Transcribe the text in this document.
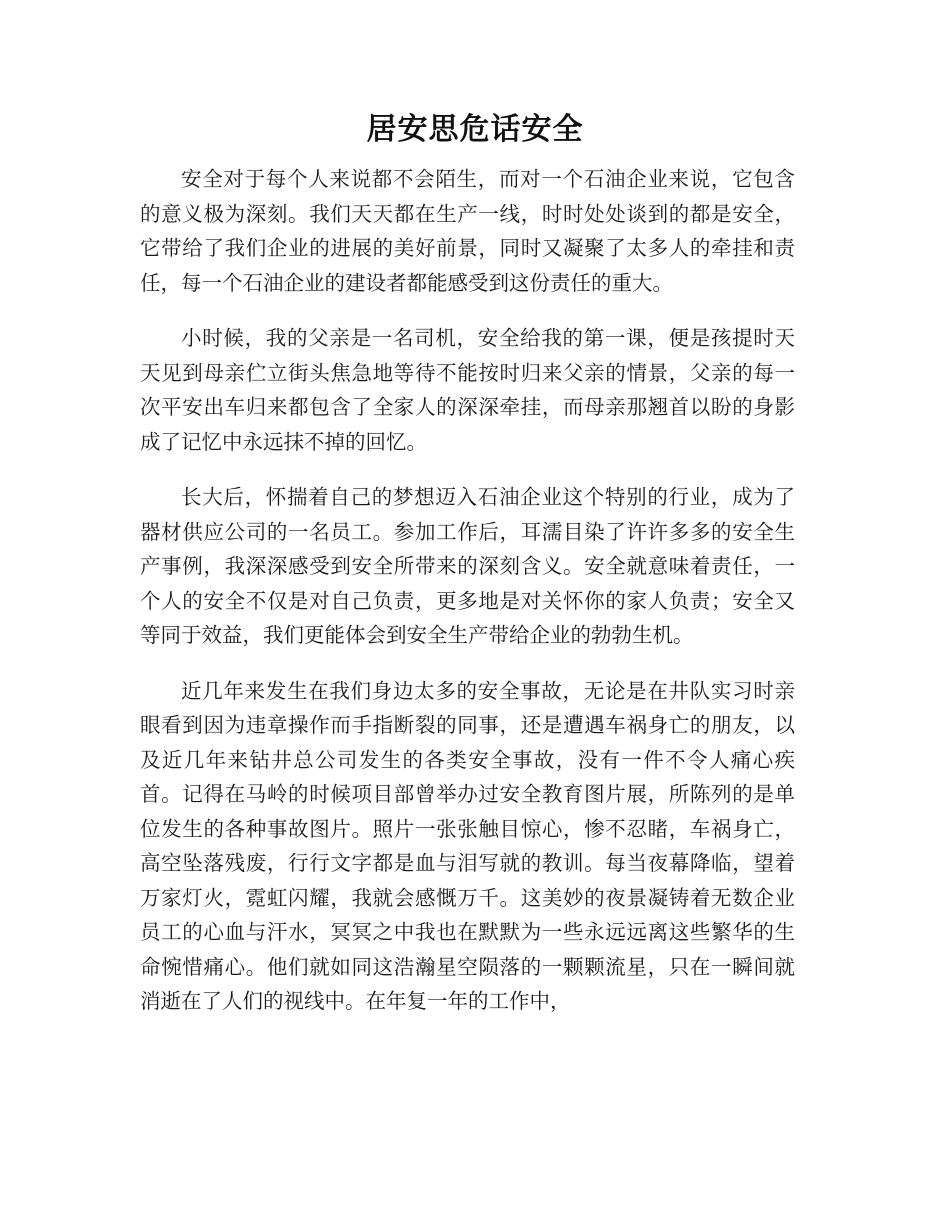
居安思危话安全

安全对于每个人来说都不会陌生，而对一个石油企业来说，它包含的意义极为深刻。我们天天都在生产一线，时时处处谈到的都是安全，它带给了我们企业的进展的美好前景，同时又凝聚了太多人的牵挂和责任，每一个石油企业的建设者都能感受到这份责任的重大。

小时候，我的父亲是一名司机，安全给我的第一课，便是孩提时天天见到母亲伫立街头焦急地等待不能按时归来父亲的情景，父亲的每一次平安出车归来都包含了全家人的深深牵挂，而母亲那翘首以盼的身影成了记忆中永远抹不掉的回忆。

长大后，怀揣着自己的梦想迈入石油企业这个特别的行业，成为了器材供应公司的一名员工。参加工作后，耳濡目染了许许多多的安全生产事例，我深深感受到安全所带来的深刻含义。安全就意味着责任，一个人的安全不仅是对自己负责，更多地是对关怀你的家人负责；安全又等同于效益，我们更能体会到安全生产带给企业的勃勃生机。

近几年来发生在我们身边太多的安全事故，无论是在井队实习时亲眼看到因为违章操作而手指断裂的同事，还是遭遇车祸身亡的朋友，以及近几年来钻井总公司发生的各类安全事故，没有一件不令人痛心疾首。记得在马岭的时候项目部曾举办过安全教育图片展，所陈列的是单位发生的各种事故图片。照片一张张触目惊心，惨不忍睹，车祸身亡，高空坠落残废，行行文字都是血与泪写就的教训。每当夜幕降临，望着万家灯火，霓虹闪耀，我就会感慨万千。这美妙的夜景凝铸着无数企业员工的心血与汗水，冥冥之中我也在默默为一些永远远离这些繁华的生命惋惜痛心。他们就如同这浩瀚星空陨落的一颗颗流星，只在一瞬间就消逝在了人们的视线中。在年复一年的工作中，
